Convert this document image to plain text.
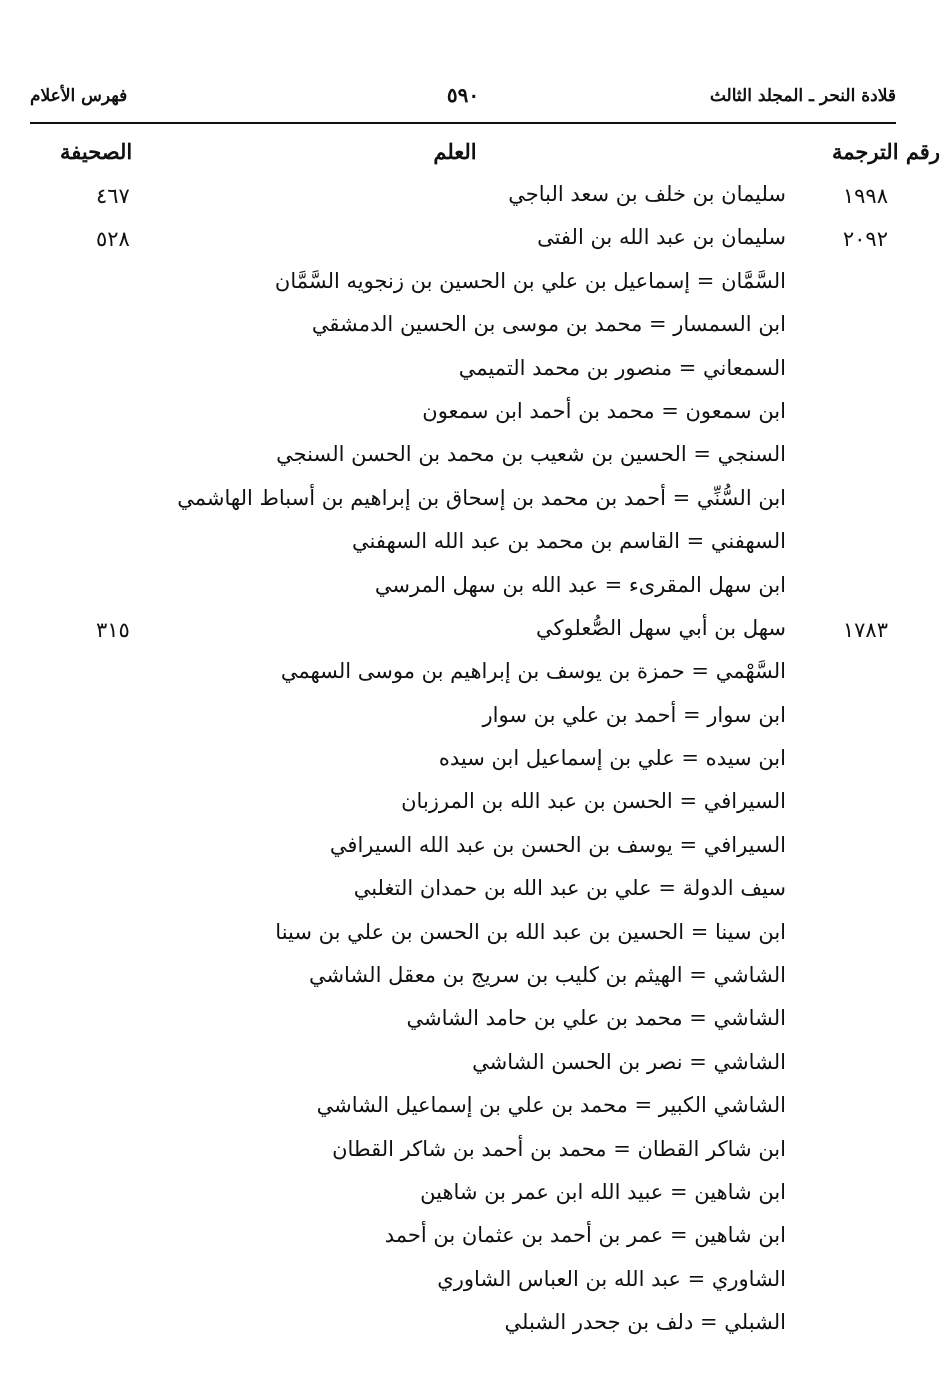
قلادة النحر ـ المجلد الثالث
٥٩٠
فهرس الأعلام
رقم الترجمة
العلم
الصحيفة
١٩٩٨
سليمان بن خلف بن سعد الباجي
٤٦٧
٢٠٩٢
سليمان بن عبد الله بن الفتى
٥٢٨
السَّمَّان = إسماعيل بن علي بن الحسين بن زنجويه السَّمَّان
ابن السمسار = محمد بن موسى بن الحسين الدمشقي
السمعاني = منصور بن محمد التميمي
ابن سمعون = محمد بن أحمد ابن سمعون
السنجي = الحسين بن شعيب بن محمد بن الحسن السنجي
ابن السُّنِّي = أحمد بن محمد بن إسحاق بن إبراهيم بن أسباط الهاشمي
السهفني = القاسم بن محمد بن عبد الله السهفني
ابن سهل المقرىء = عبد الله بن سهل المرسي
١٧٨٣
سهل بن أبي سهل الصُّعلوكي
٣١٥
السَّهْمي = حمزة بن يوسف بن إبراهيم بن موسى السهمي
ابن سوار = أحمد بن علي بن سوار
ابن سيده = علي بن إسماعيل ابن سيده
السيرافي = الحسن بن عبد الله بن المرزبان
السيرافي = يوسف بن الحسن بن عبد الله السيرافي
سيف الدولة = علي بن عبد الله بن حمدان التغلبي
ابن سينا = الحسين بن عبد الله بن الحسن بن علي بن سينا
الشاشي = الهيثم بن كليب بن سريج بن معقل الشاشي
الشاشي = محمد بن علي بن حامد الشاشي
الشاشي = نصر بن الحسن الشاشي
الشاشي الكبير = محمد بن علي بن إسماعيل الشاشي
ابن شاكر القطان = محمد بن أحمد بن شاكر القطان
ابن شاهين = عبيد الله ابن عمر بن شاهين
ابن شاهين = عمر بن أحمد بن عثمان بن أحمد
الشاوري = عبد الله بن العباس الشاوري
الشبلي = دلف بن جحدر الشبلي
